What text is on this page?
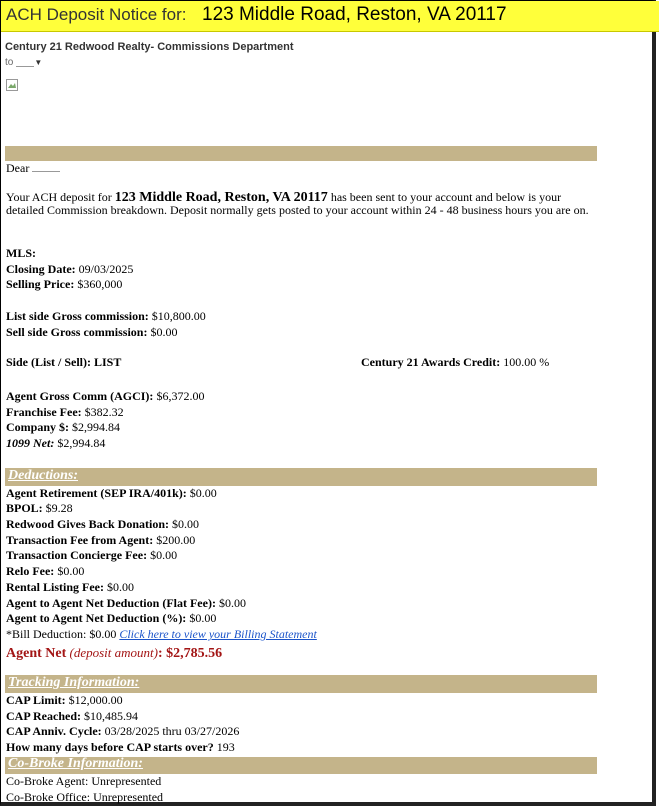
ACH Deposit Notice for: 123 Middle Road, Reston, VA 20117
Century 21 Redwood Realty- Commissions Department
to	▼
Dear
Your ACH deposit for 123 Middle Road, Reston, VA 20117 has been sent to your account and below is your detailed Commission breakdown. Deposit normally gets posted to your account within 24 - 48 business hours you are on.
MLS:
Closing Date: 09/03/2025
Selling Price: $360,000
List side Gross commission: $10,800.00
Sell side Gross commission: $0.00
Side (List / Sell): LIST	Century 21 Awards Credit: 100.00 %
Agent Gross Comm (AGCI): $6,372.00
Franchise Fee: $382.32
Company $: $2,994.84
1099 Net: $2,994.84
Deductions:
Agent Retirement (SEP IRA/401k): $0.00
BPOL: $9.28
Redwood Gives Back Donation: $0.00
Transaction Fee from Agent: $200.00
Transaction Concierge Fee: $0.00
Relo Fee: $0.00
Rental Listing Fee: $0.00
Agent to Agent Net Deduction (Flat Fee): $0.00
Agent to Agent Net Deduction (%): $0.00
*Bill Deduction: $0.00 Click here to view your Billing Statement
Agent Net (deposit amount): $2,785.56
Tracking Information:
CAP Limit: $12,000.00
CAP Reached: $10,485.94
CAP Anniv. Cycle: 03/28/2025 thru 03/27/2026
How many days before CAP starts over? 193
Co-Broke Information:
Co-Broke Agent: Unrepresented
Co-Broke Office: Unrepresented
